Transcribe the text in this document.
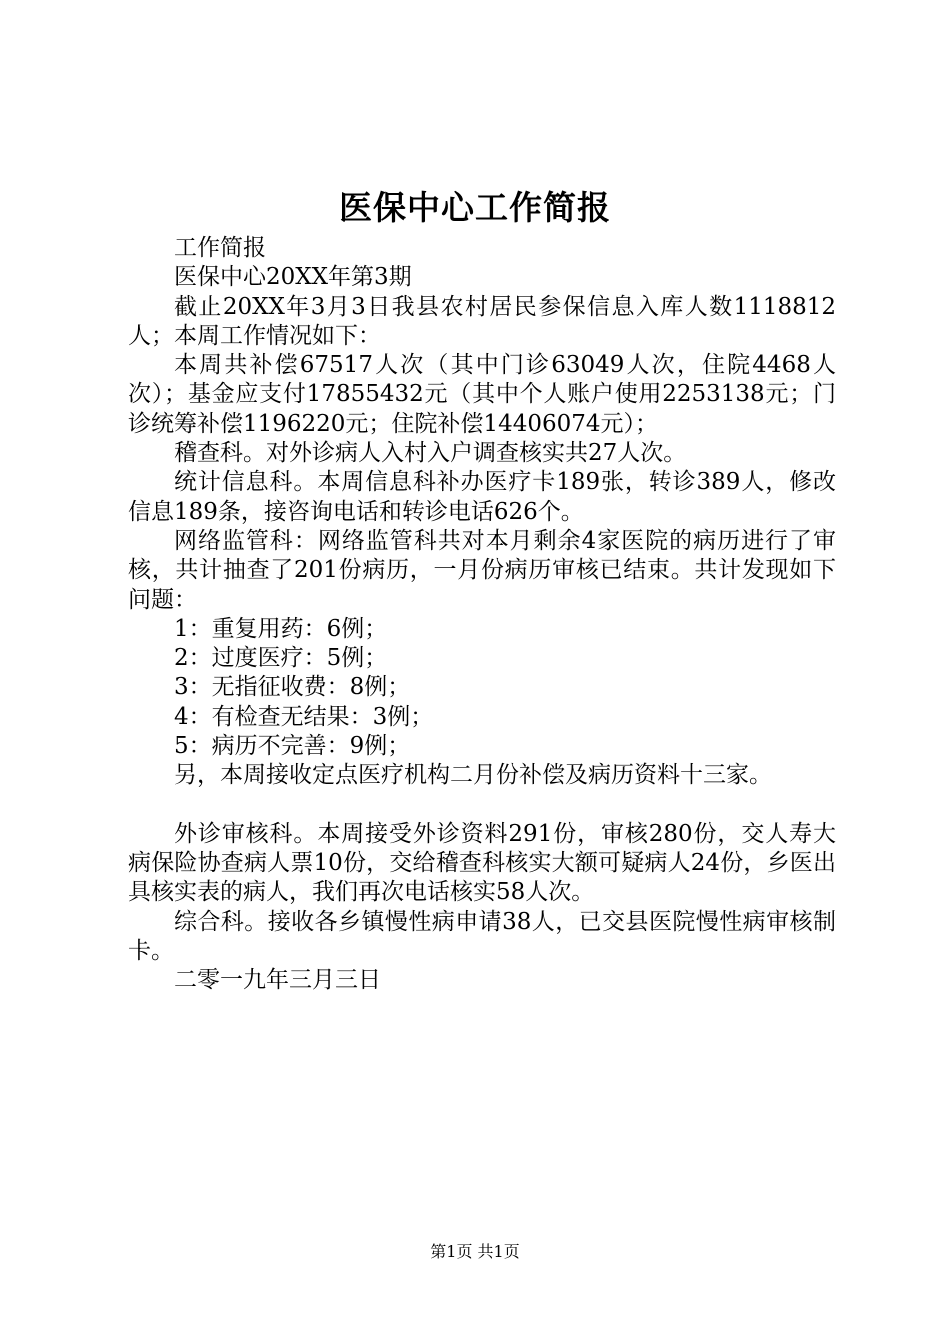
医保中心工作简报

工作简报

医保中心20XX年第3期

截止20XX年3月3日我县农村居民参保信息入库人数1118812人；本周工作情况如下：

本周共补偿67517人次（其中门诊63049人次，住院4468人次）；基金应支付17855432元（其中个人账户使用2253138元；门诊统筹补偿1196220元；住院补偿14406074元）；

稽查科。对外诊病人入村入户调查核实共27人次。

统计信息科。本周信息科补办医疗卡189张，转诊389人，修改信息189条，接咨询电话和转诊电话626个。

网络监管科：网络监管科共对本月剩余4家医院的病历进行了审核，共计抽查了201份病历，一月份病历审核已结束。共计发现如下问题：

1：重复用药：6例；

2：过度医疗：5例；

3：无指征收费：8例；

4：有检查无结果：3例；

5：病历不完善：9例；

另，本周接收定点医疗机构二月份补偿及病历资料十三家。

外诊审核科。本周接受外诊资料291份，审核280份，交人寿大病保险协查病人票10份，交给稽查科核实大额可疑病人24份，乡医出具核实表的病人，我们再次电话核实58人次。

综合科。接收各乡镇慢性病申请38人，已交县医院慢性病审核制卡。

二零一九年三月三日

第1页 共1页
